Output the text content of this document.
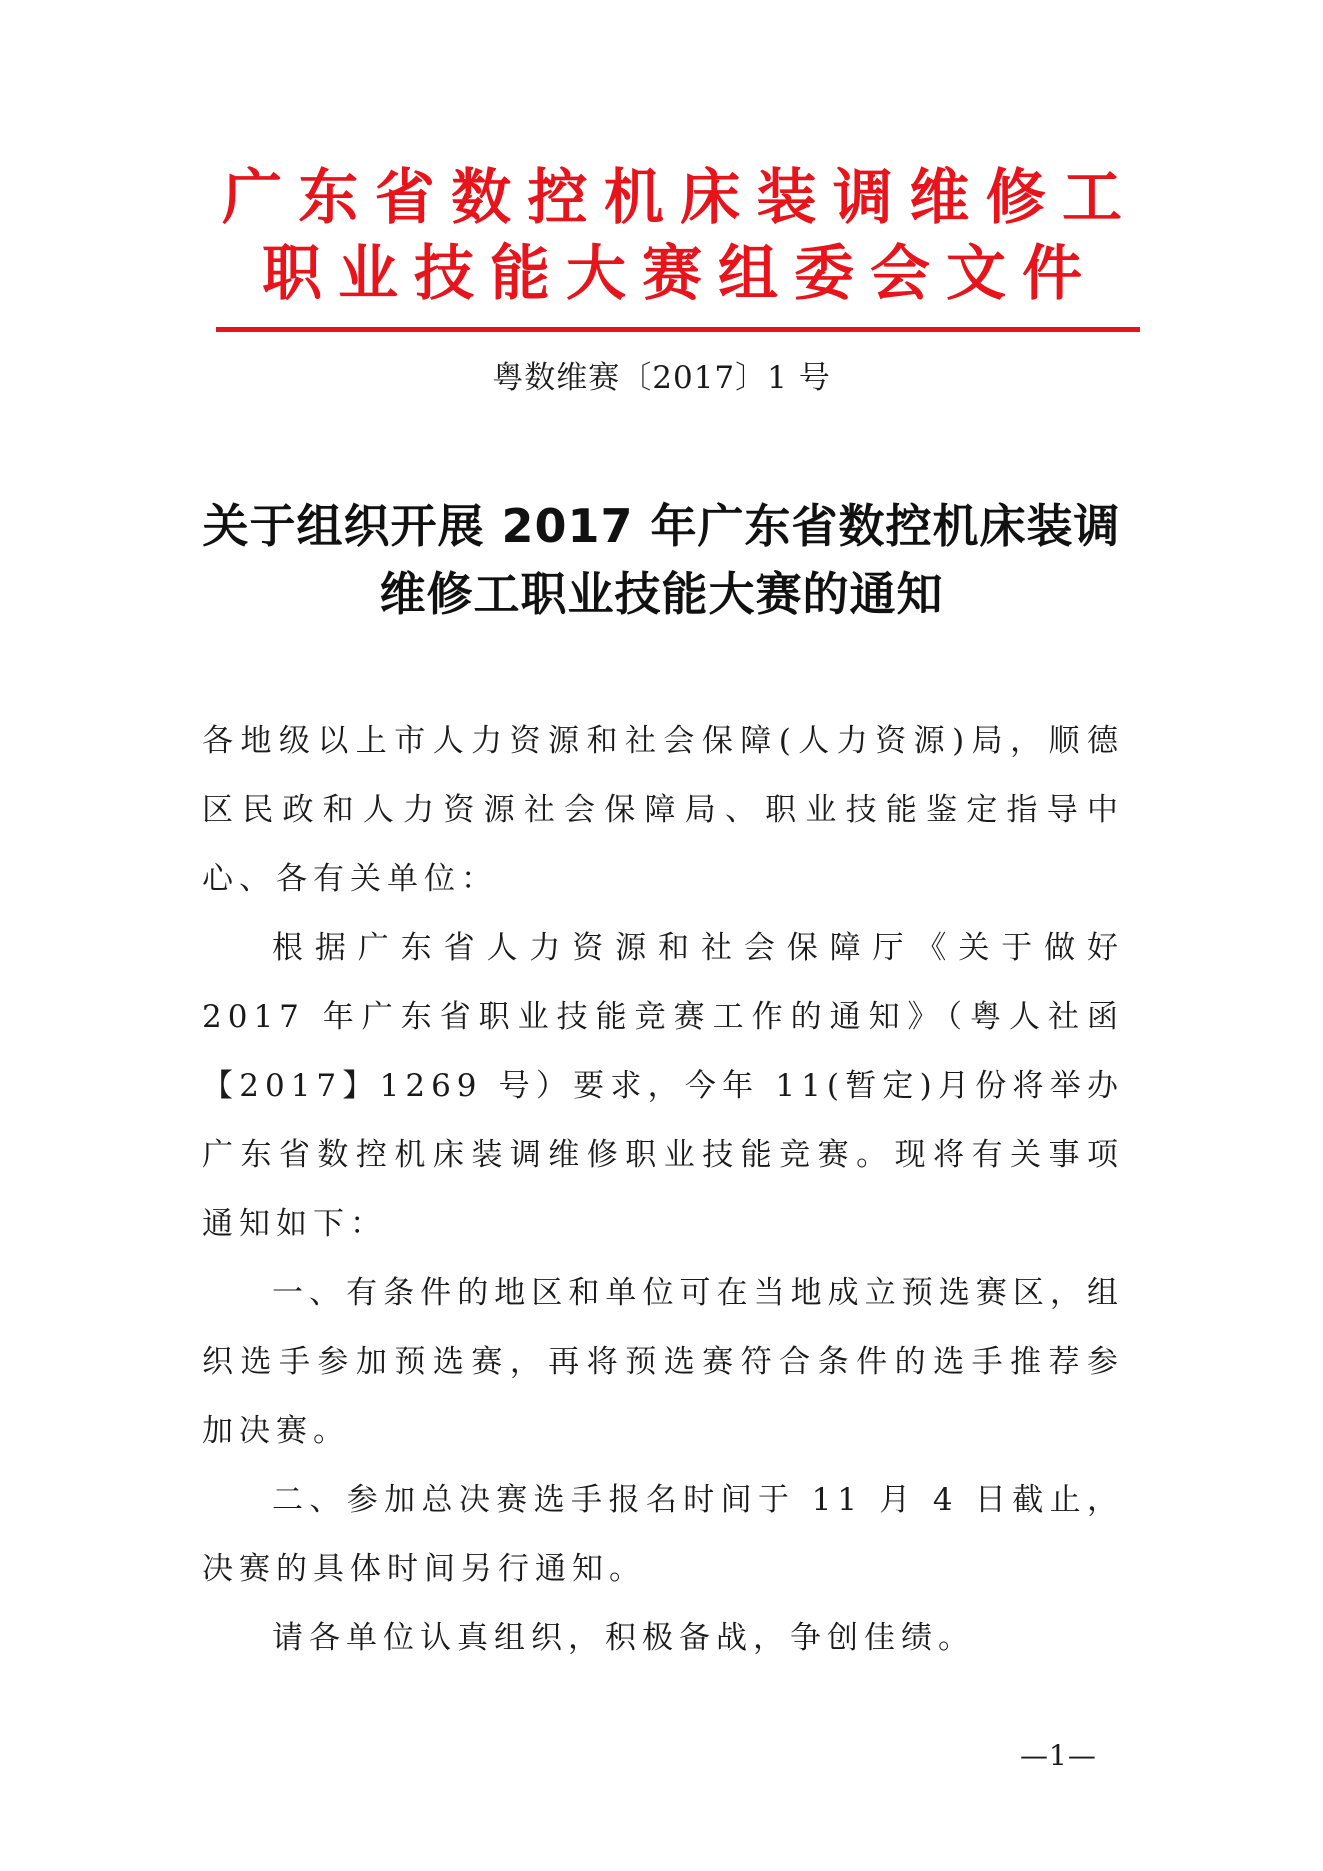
广东省数控机床装调维修工
职业技能大赛组委会文件
粤数维赛〔2017〕1 号
关于组织开展 2017 年广东省数控机床装调
维修工职业技能大赛的通知

各地级以上市人力资源和社会保障(人力资源)局，顺德区民政和人力资源社会保障局、职业技能鉴定指导中心、各有关单位：

根据广东省人力资源和社会保障厅《关于做好 2017 年广东省职业技能竞赛工作的通知》（粤人社函【2017】1269 号）要求，今年 11(暂定)月份将举办广东省数控机床装调维修职业技能竞赛。现将有关事项通知如下：

一、有条件的地区和单位可在当地成立预选赛区，组织选手参加预选赛，再将预选赛符合条件的选手推荐参加决赛。

二、参加总决赛选手报名时间于 11 月 4 日截止，决赛的具体时间另行通知。

请各单位认真组织，积极备战，争创佳绩。

—1—
